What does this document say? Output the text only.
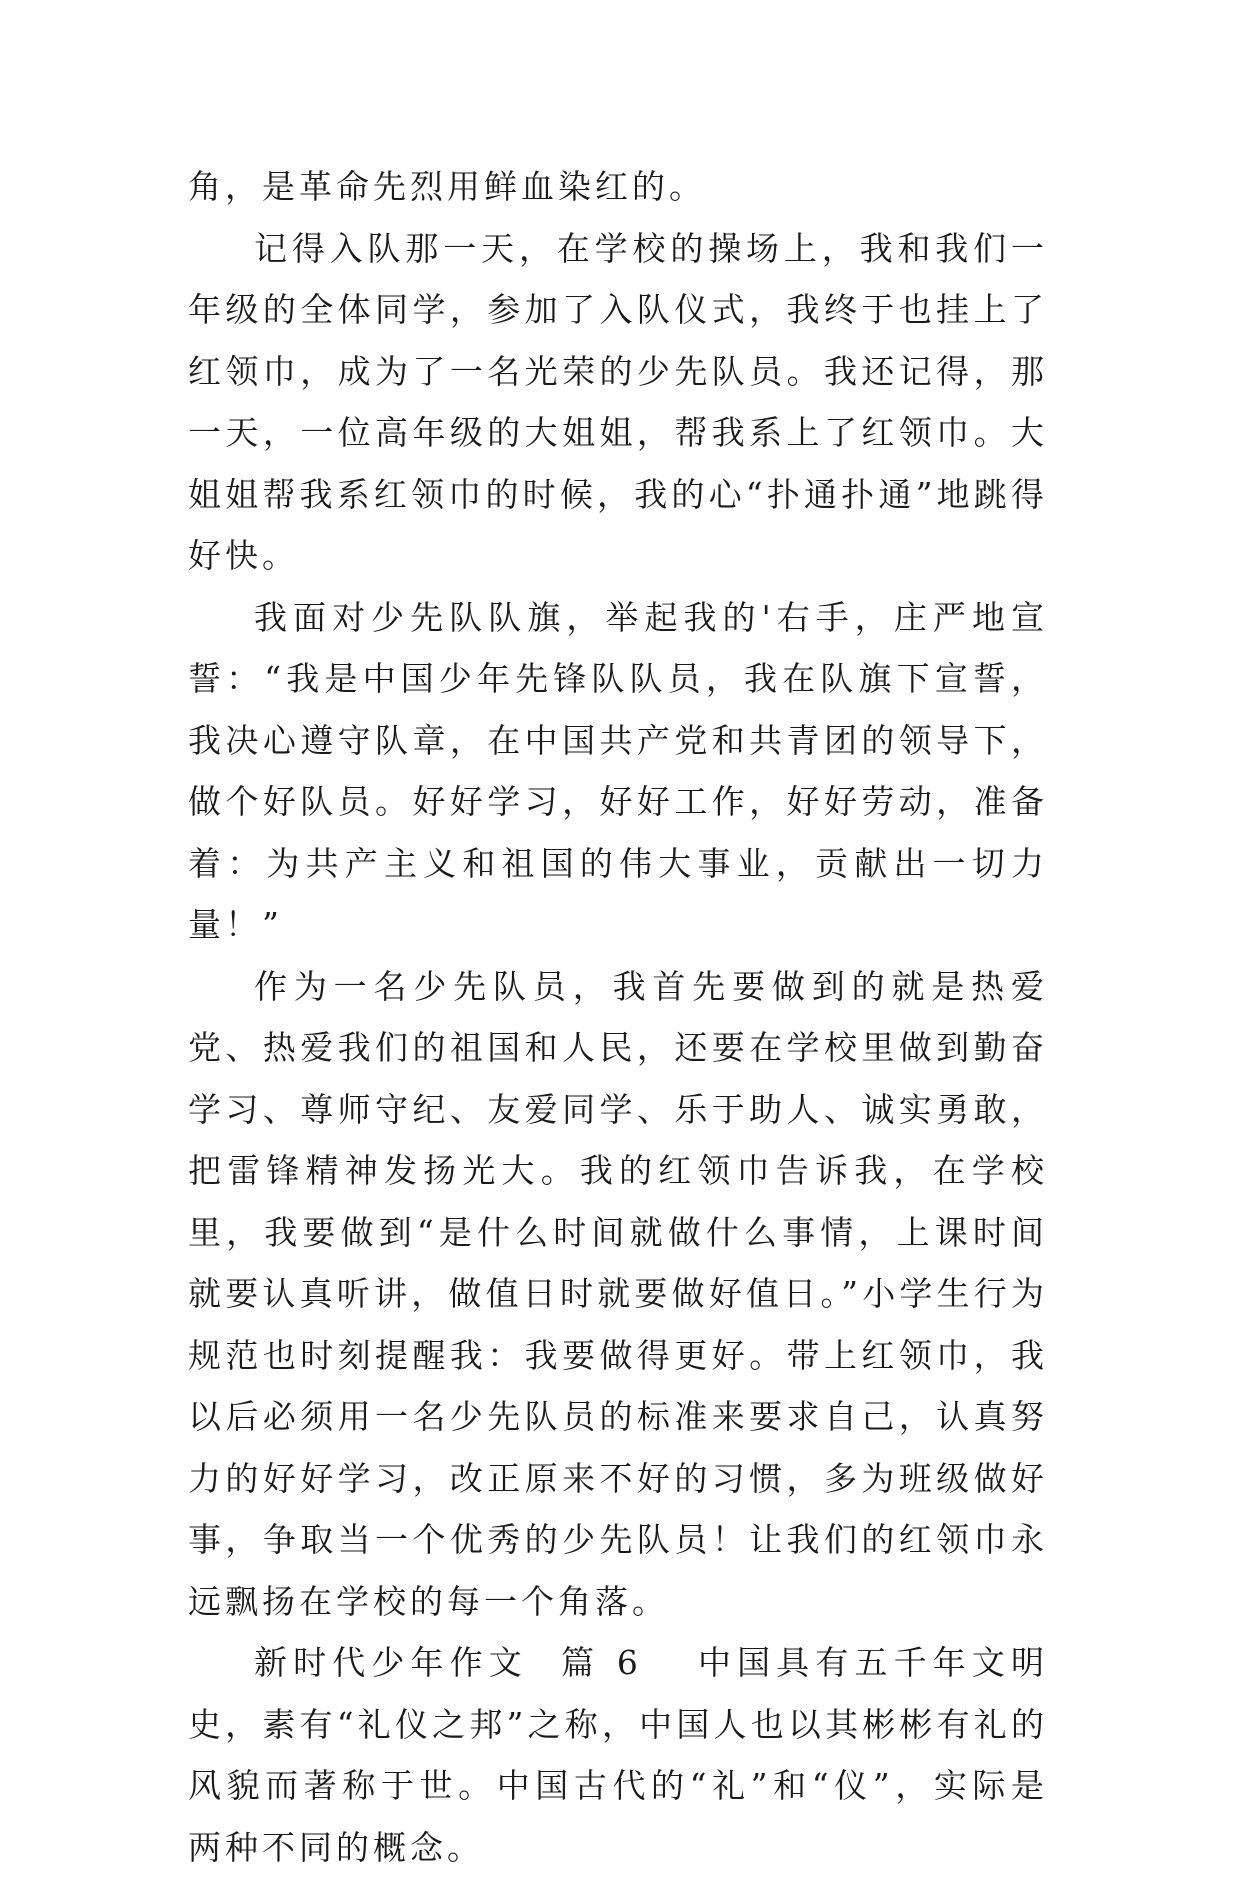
角，是革命先烈用鲜血染红的。

记得入队那一天，在学校的操场上，我和我们一年级的全体同学，参加了入队仪式，我终于也挂上了红领巾，成为了一名光荣的少先队员。我还记得，那一天，一位高年级的大姐姐，帮我系上了红领巾。大姐姐帮我系红领巾的时候，我的心“扑通扑通”地跳得好快。

我面对少先队队旗，举起我的'右手，庄严地宣誓：“我是中国少年先锋队队员，我在队旗下宣誓，我决心遵守队章，在中国共产党和共青团的领导下，做个好队员。好好学习，好好工作，好好劳动，准备着：为共产主义和祖国的伟大事业，贡献出一切力量！”

作为一名少先队员，我首先要做到的就是热爱党、热爱我们的祖国和人民，还要在学校里做到勤奋学习、尊师守纪、友爱同学、乐于助人、诚实勇敢，把雷锋精神发扬光大。我的红领巾告诉我，在学校里，我要做到“是什么时间就做什么事情，上课时间就要认真听讲，做值日时就要做好值日。”小学生行为规范也时刻提醒我：我要做得更好。带上红领巾，我以后必须用一名少先队员的标准来要求自己，认真努力的好好学习，改正原来不好的习惯，多为班级做好事，争取当一个优秀的少先队员！让我们的红领巾永远飘扬在学校的每一个角落。

新时代少年作文  篇 6 中国具有五千年文明史，素有“礼仪之邦”之称，中国人也以其彬彬有礼的风貌而著称于世。中国古代的“礼”和“仪”，实际是两种不同的概念。
